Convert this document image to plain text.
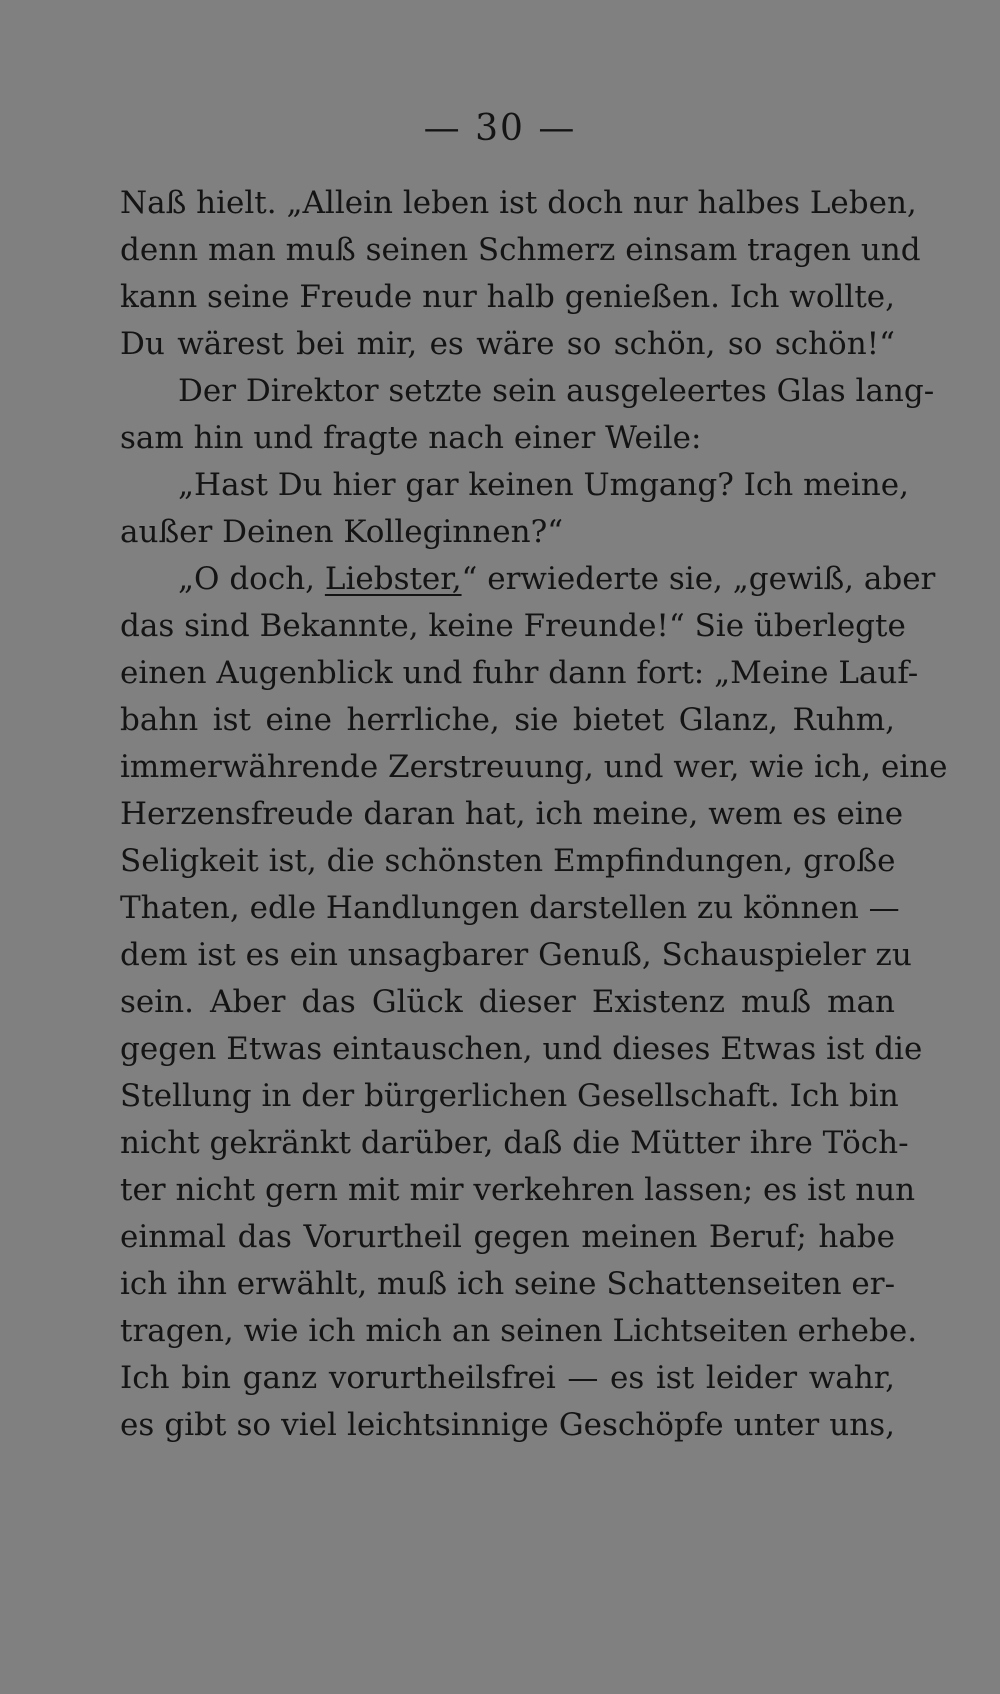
— 30 —
Naß hielt. „Allein leben ist doch nur halbes Leben,
denn man muß seinen Schmerz einsam tragen und
kann seine Freude nur halb genießen. Ich wollte,
Du wärest bei mir, es wäre so schön, so schön!“
Der Direktor setzte sein ausgeleertes Glas lang-
sam hin und fragte nach einer Weile:
„Hast Du hier gar keinen Umgang? Ich meine,
außer Deinen Kolleginnen?“
„O doch, Liebster,“ erwiederte sie, „gewiß, aber
das sind Bekannte, keine Freunde!“ Sie überlegte
einen Augenblick und fuhr dann fort: „Meine Lauf-
bahn ist eine herrliche, sie bietet Glanz, Ruhm,
immerwährende Zerstreuung, und wer, wie ich, eine
Herzensfreude daran hat, ich meine, wem es eine
Seligkeit ist, die schönsten Empfindungen, große
Thaten, edle Handlungen darstellen zu können —
dem ist es ein unsagbarer Genuß, Schauspieler zu
sein. Aber das Glück dieser Existenz muß man
gegen Etwas eintauschen, und dieses Etwas ist die
Stellung in der bürgerlichen Gesellschaft. Ich bin
nicht gekränkt darüber, daß die Mütter ihre Töch-
ter nicht gern mit mir verkehren lassen; es ist nun
einmal das Vorurtheil gegen meinen Beruf; habe
ich ihn erwählt, muß ich seine Schattenseiten er-
tragen, wie ich mich an seinen Lichtseiten erhebe.
Ich bin ganz vorurtheilsfrei — es ist leider wahr,
es gibt so viel leichtsinnige Geschöpfe unter uns,
